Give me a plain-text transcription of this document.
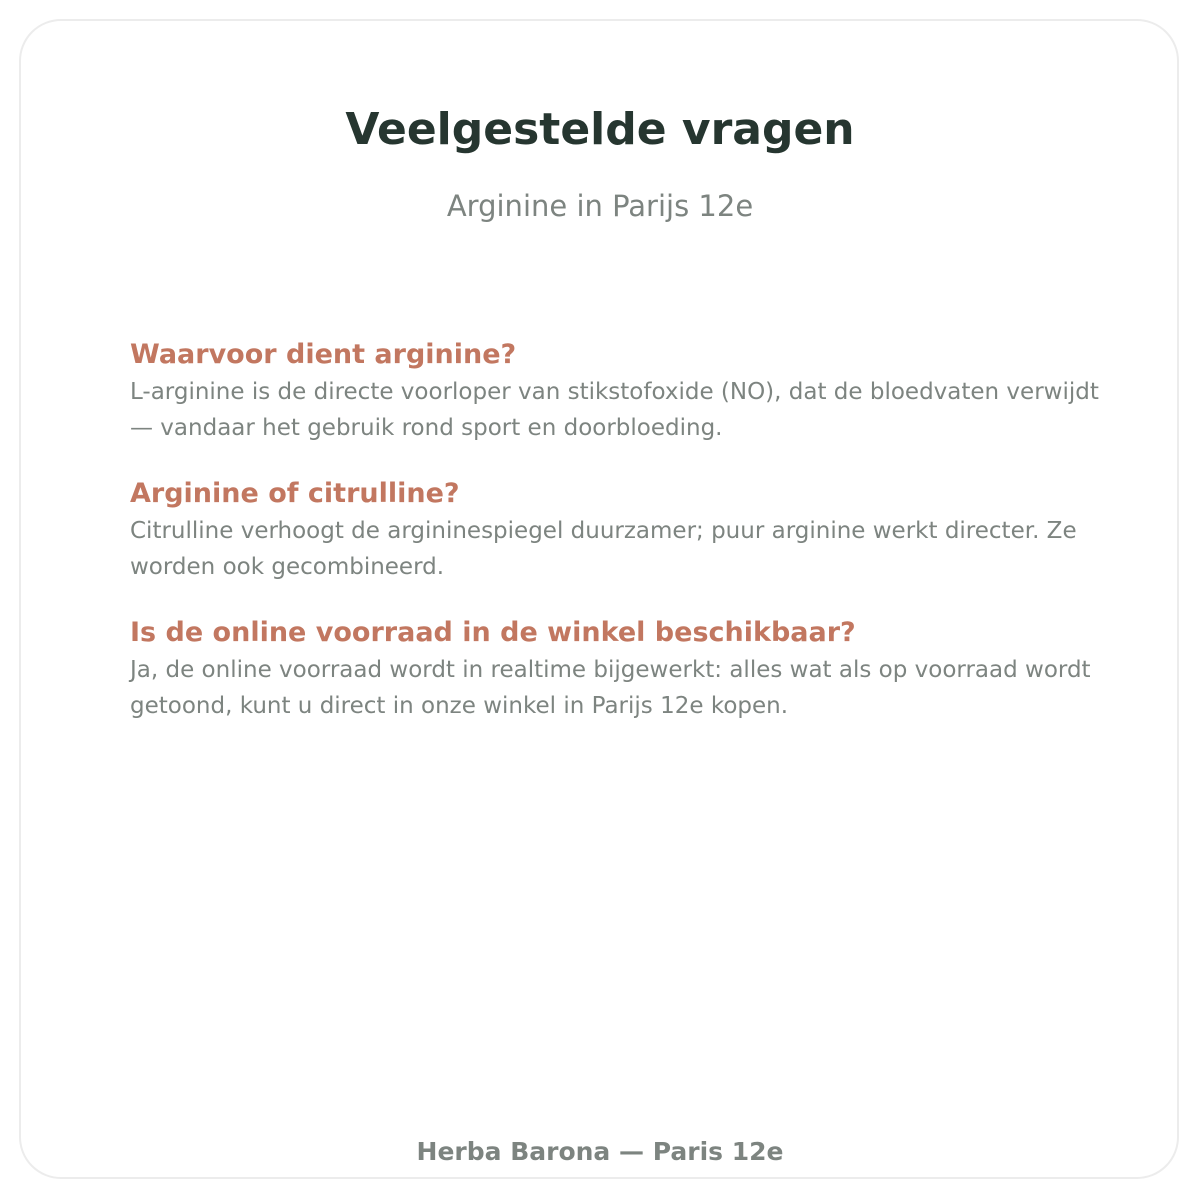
Veelgestelde vragen

Arginine in Parijs 12e

Waarvoor dient arginine?

L-arginine is de directe voorloper van stikstofoxide (NO), dat de bloedvaten verwijdt — vandaar het gebruik rond sport en doorbloeding.

Arginine of citrulline?

Citrulline verhoogt de argininespiegel duurzamer; puur arginine werkt directer. Ze worden ook gecombineerd.

Is de online voorraad in de winkel beschikbaar?

Ja, de online voorraad wordt in realtime bijgewerkt: alles wat als op voorraad wordt getoond, kunt u direct in onze winkel in Parijs 12e kopen.

Herba Barona — Paris 12e
